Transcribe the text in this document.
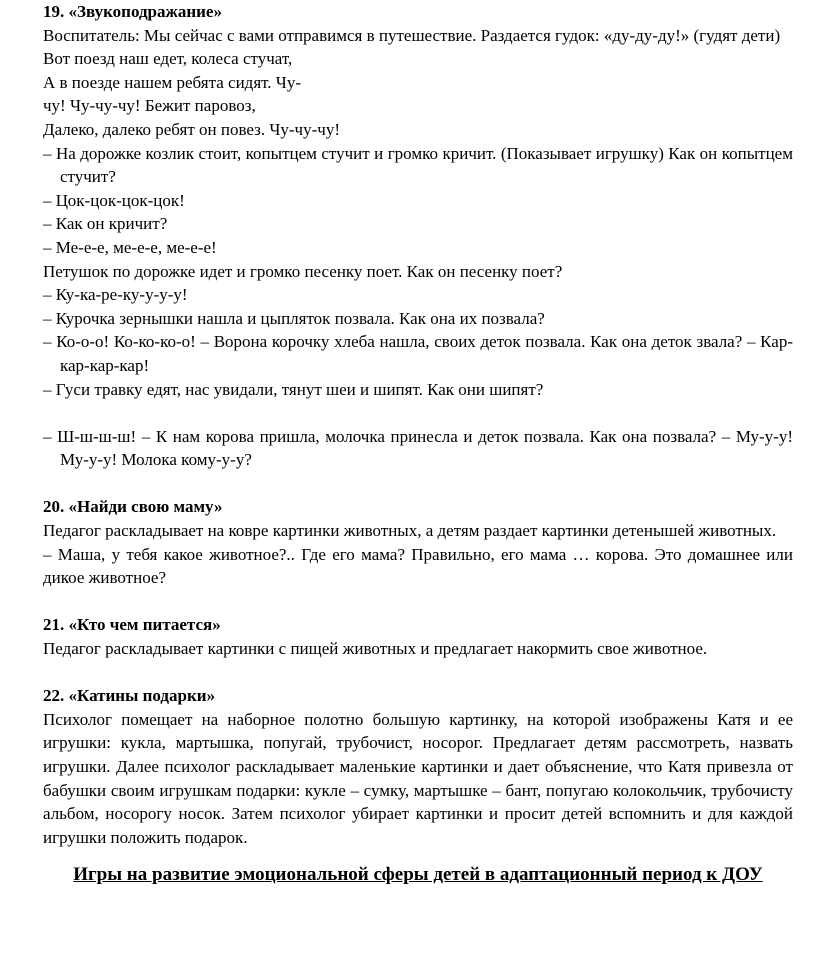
19. «Звукоподражание»

Воспитатель: Мы сейчас с вами отправимся в путешествие. Раздается гудок: «ду-ду-ду!» (гудят дети)

Вот поезд наш едет, колеса стучат,

А в поезде нашем ребята сидят. Чу-

чу! Чу-чу-чу! Бежит паровоз,

Далеко, далеко ребят он повез. Чу-чу-чу!

– На дорожке козлик стоит, копытцем стучит и громко кричит. (Показывает игрушку) Как он копытцем стучит?

– Цок-цок-цок-цок!

– Как он кричит?

– Ме-е-е, ме-е-е, ме-е-е!

Петушок по дорожке идет и громко песенку поет. Как он песенку поет?

– Ку-ка-ре-ку-у-у-у!

– Курочка зернышки нашла и цыпляток позвала. Как она их позвала?

– Ко-о-о! Ко-ко-ко-о! – Ворона корочку хлеба нашла, своих деток позвала. Как она деток звала? – Кар-кар-кар-кар!

– Гуси травку едят, нас увидали, тянут шеи и шипят. Как они шипят?

– Ш-ш-ш-ш! – К нам корова пришла, молочка принесла и деток позвала. Как она позвала? – Му-у-у! Му-у-у! Молока кому-у-у?

20. «Найди свою маму»

Педагог раскладывает на ковре картинки животных, а детям раздает картинки детенышей животных.

– Маша, у тебя какое животное?.. Где его мама? Правильно, его мама … корова. Это домашнее или дикое животное?

21. «Кто чем питается»

Педагог раскладывает картинки с пищей животных и предлагает накормить свое животное.

22. «Катины подарки»

Психолог помещает на наборное полотно большую картинку, на которой изображены Катя и ее игрушки: кукла, мартышка, попугай, трубочист, носорог. Предлагает детям рассмотреть, назвать игрушки. Далее психолог раскладывает маленькие картинки и дает объяснение, что Катя привезла от бабушки своим игрушкам подарки: кукле – сумку, мартышке – бант, попугаю колокольчик, трубочисту альбом, носорогу носок. Затем психолог убирает картинки и просит детей вспомнить и для каждой игрушки положить подарок.

Игры на развитие эмоциональной сферы детей в адаптационный период к ДОУ
